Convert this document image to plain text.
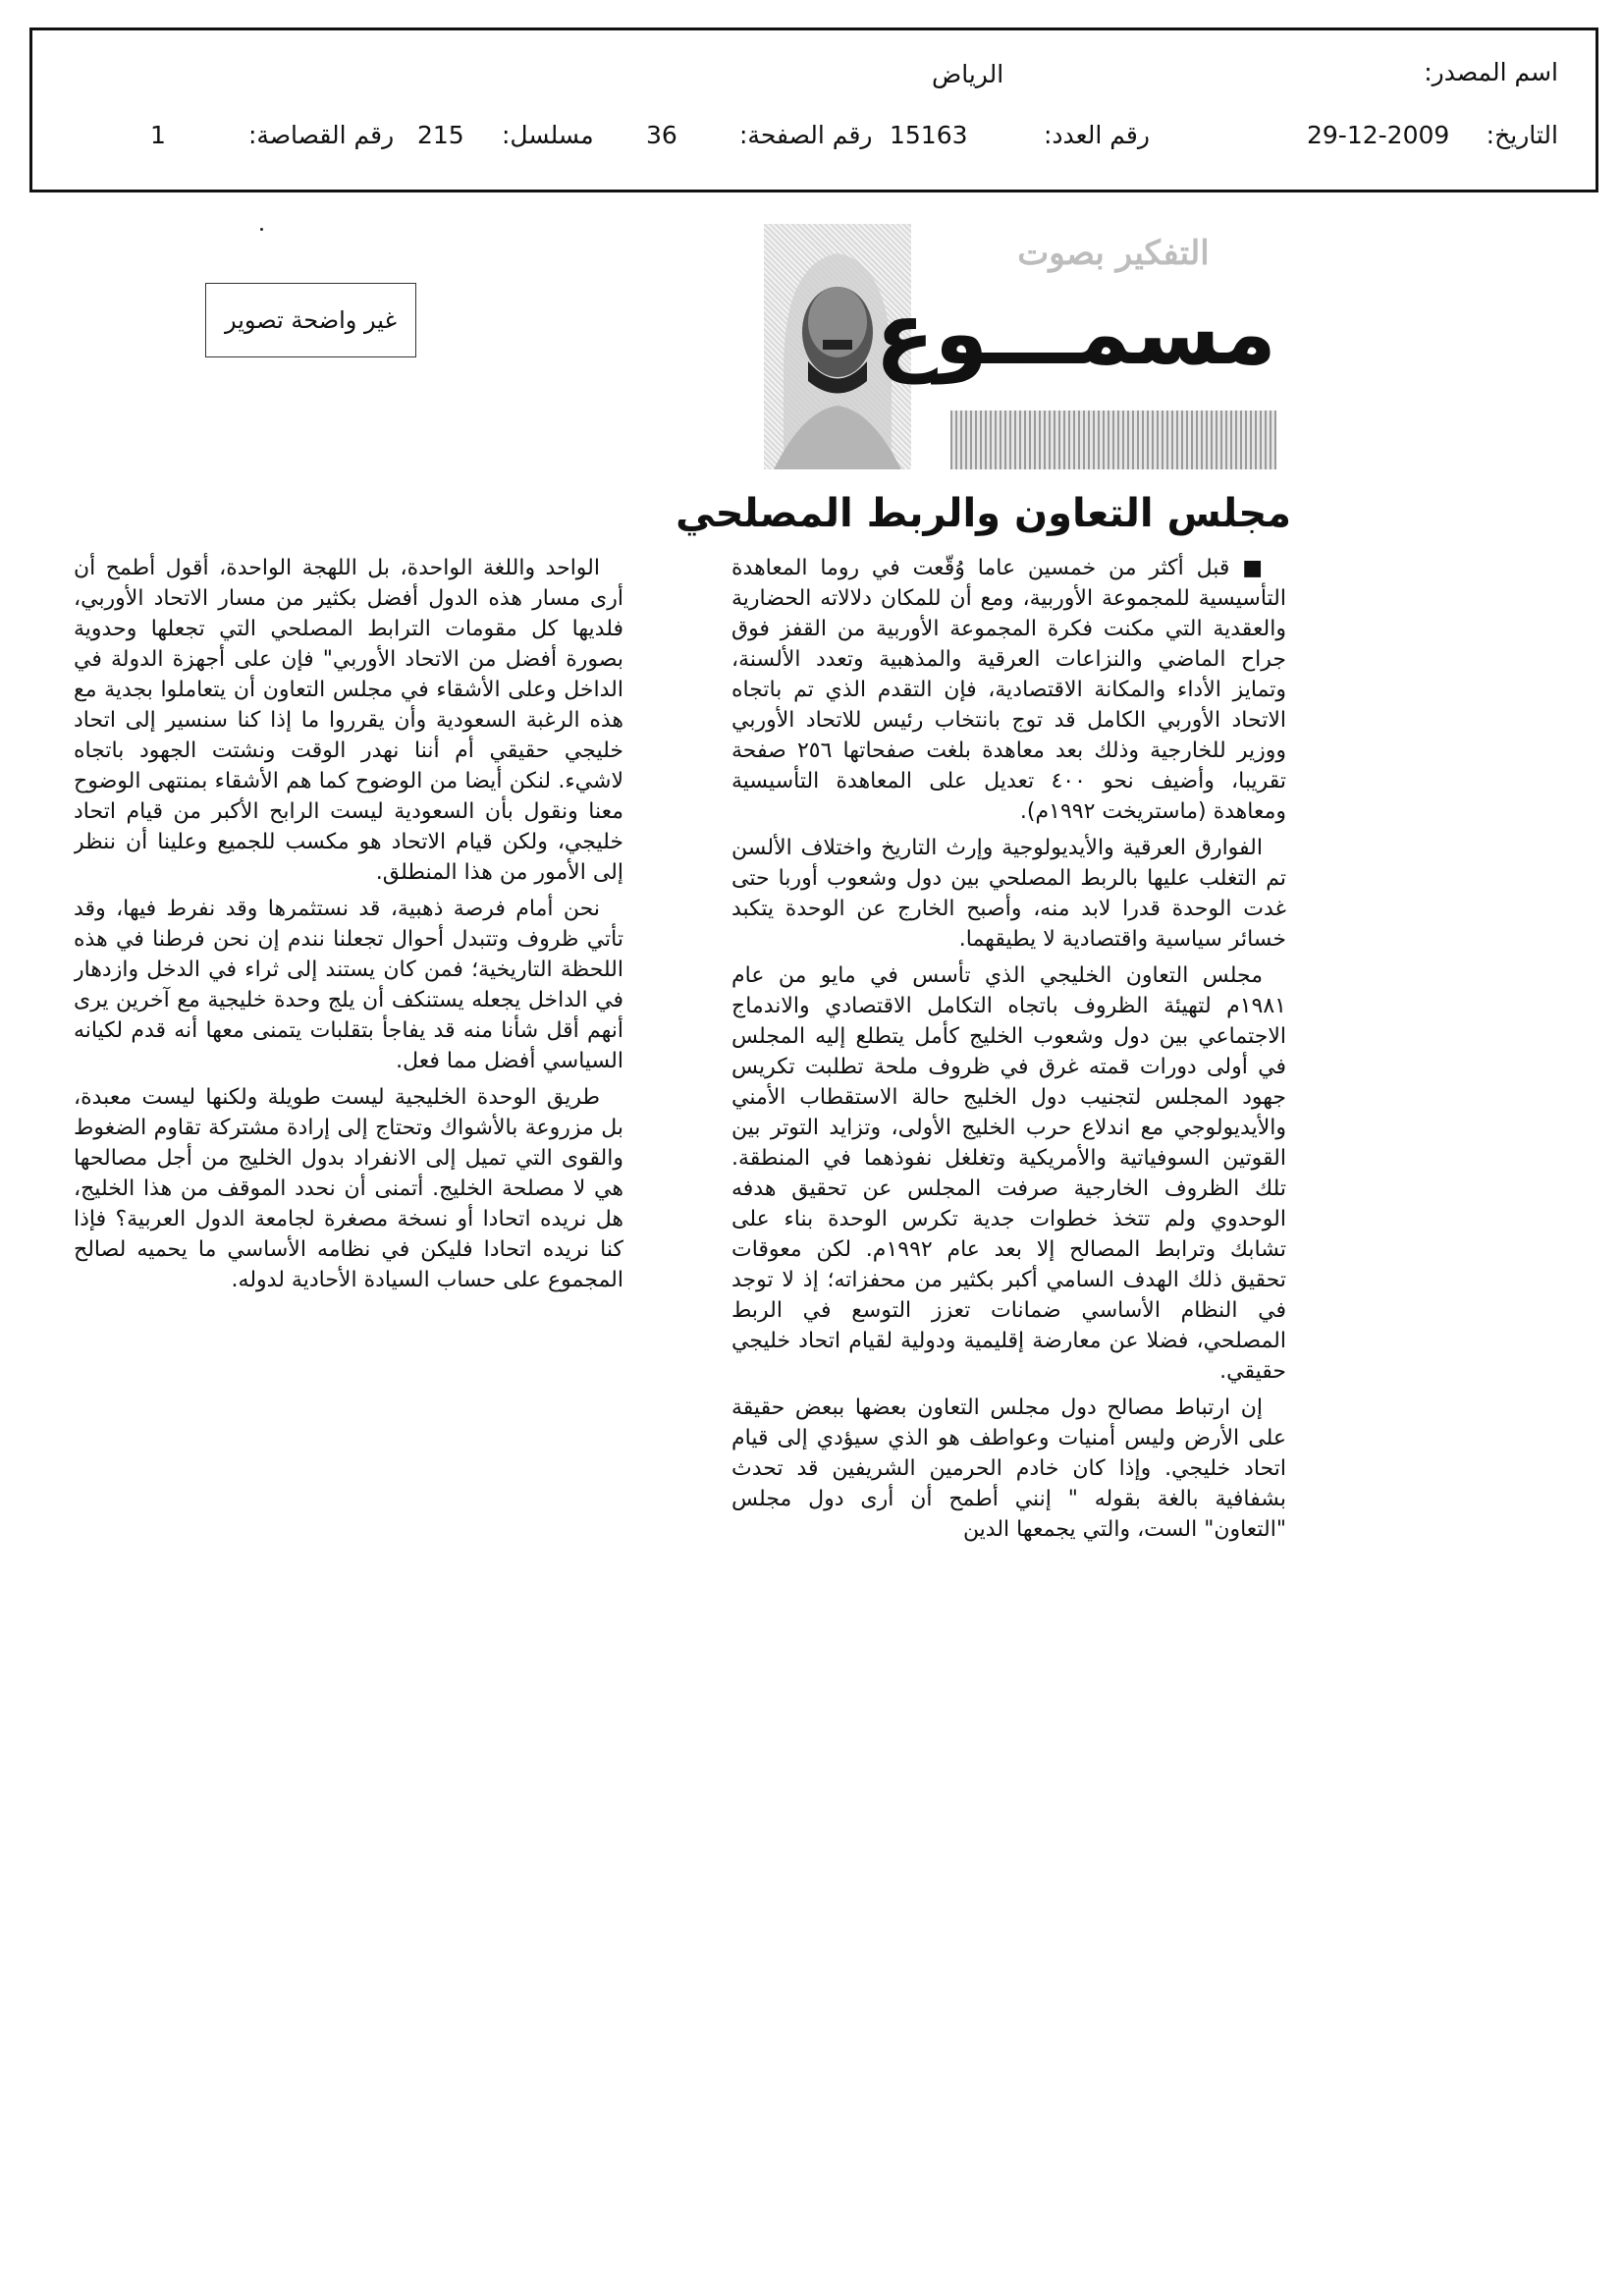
اسم المصدر:
الرياض
التاريخ:
29-12-2009
رقم العدد:
15163
رقم الصفحة:
36
مسلسل:
215
رقم القصاصة:
1
غير واضحة تصوير
التفكير بصوت
مسمـــوع
مجلس التعاون والربط المصلحي

■ قبل أكثر من خمسين عاما وُقّعت في روما المعاهدة التأسيسية للمجموعة الأوربية، ومع أن للمكان دلالاته الحضارية والعقدية التي مكنت فكرة المجموعة الأوربية من القفز فوق جراح الماضي والنزاعات العرقية والمذهبية وتعدد الألسنة، وتمايز الأداء والمكانة الاقتصادية، فإن التقدم الذي تم باتجاه الاتحاد الأوربي الكامل قد توج بانتخاب رئيس للاتحاد الأوربي ووزير للخارجية وذلك بعد معاهدة بلغت صفحاتها ٢٥٦ صفحة تقريبا، وأضيف نحو ٤٠٠ تعديل على المعاهدة التأسيسية ومعاهدة (ماستريخت ١٩٩٢م).

الفوارق العرقية والأيديولوجية وإرث التاريخ واختلاف الألسن تم التغلب عليها بالربط المصلحي بين دول وشعوب أوربا حتى غدت الوحدة قدرا لابد منه، وأصبح الخارج عن الوحدة يتكبد خسائر سياسية واقتصادية لا يطيقهما.

مجلس التعاون الخليجي الذي تأسس في مايو من عام ١٩٨١م لتهيئة الظروف باتجاه التكامل الاقتصادي والاندماج الاجتماعي بين دول وشعوب الخليج كأمل يتطلع إليه المجلس في أولى دورات قمته غرق في ظروف ملحة تطلبت تكريس جهود المجلس لتجنيب دول الخليج حالة الاستقطاب الأمني والأيديولوجي مع اندلاع حرب الخليج الأولى، وتزايد التوتر بين القوتين السوفياتية والأمريكية وتغلغل نفوذهما في المنطقة. تلك الظروف الخارجية صرفت المجلس عن تحقيق هدفه الوحدوي ولم تتخذ خطوات جدية تكرس الوحدة بناء على تشابك وترابط المصالح إلا بعد عام ١٩٩٢م. لكن معوقات تحقيق ذلك الهدف السامي أكبر بكثير من محفزاته؛ إذ لا توجد في النظام الأساسي ضمانات تعزز التوسع في الربط المصلحي، فضلا عن معارضة إقليمية ودولية لقيام اتحاد خليجي حقيقي.

إن ارتباط مصالح دول مجلس التعاون بعضها ببعض حقيقة على الأرض وليس أمنيات وعواطف هو الذي سيؤدي إلى قيام اتحاد خليجي. وإذا كان خادم الحرمين الشريفين قد تحدث بشفافية بالغة بقوله " إنني أطمح أن أرى دول مجلس "التعاون" الست، والتي يجمعها الدين

الواحد واللغة الواحدة، بل اللهجة الواحدة، أقول أطمح أن أرى مسار هذه الدول أفضل بكثير من مسار الاتحاد الأوربي، فلديها كل مقومات الترابط المصلحي التي تجعلها وحدوية بصورة أفضل من الاتحاد الأوربي" فإن على أجهزة الدولة في الداخل وعلى الأشقاء في مجلس التعاون أن يتعاملوا بجدية مع هذه الرغبة السعودية وأن يقرروا ما إذا كنا سنسير إلى اتحاد خليجي حقيقي أم أننا نهدر الوقت ونشتت الجهود باتجاه لاشيء. لنكن أيضا من الوضوح كما هم الأشقاء بمنتهى الوضوح معنا ونقول بأن السعودية ليست الرابح الأكبر من قيام اتحاد خليجي، ولكن قيام الاتحاد هو مكسب للجميع وعلينا أن ننظر إلى الأمور من هذا المنطلق.

نحن أمام فرصة ذهبية، قد نستثمرها وقد نفرط فيها، وقد تأتي ظروف وتتبدل أحوال تجعلنا نندم إن نحن فرطنا في هذه اللحظة التاريخية؛ فمن كان يستند إلى ثراء في الدخل وازدهار في الداخل يجعله يستنكف أن يلج وحدة خليجية مع آخرين يرى أنهم أقل شأنا منه قد يفاجأ بتقلبات يتمنى معها أنه قدم لكيانه السياسي أفضل مما فعل.

طريق الوحدة الخليجية ليست طويلة ولكنها ليست معبدة، بل مزروعة بالأشواك وتحتاج إلى إرادة مشتركة تقاوم الضغوط والقوى التي تميل إلى الانفراد بدول الخليج من أجل مصالحها هي لا مصلحة الخليج. أتمنى أن نحدد الموقف من هذا الخليج، هل نريده اتحادا أو نسخة مصغرة لجامعة الدول العربية؟ فإذا كنا نريده اتحادا فليكن في نظامه الأساسي ما يحميه لصالح المجموع على حساب السيادة الأحادية لدوله.
